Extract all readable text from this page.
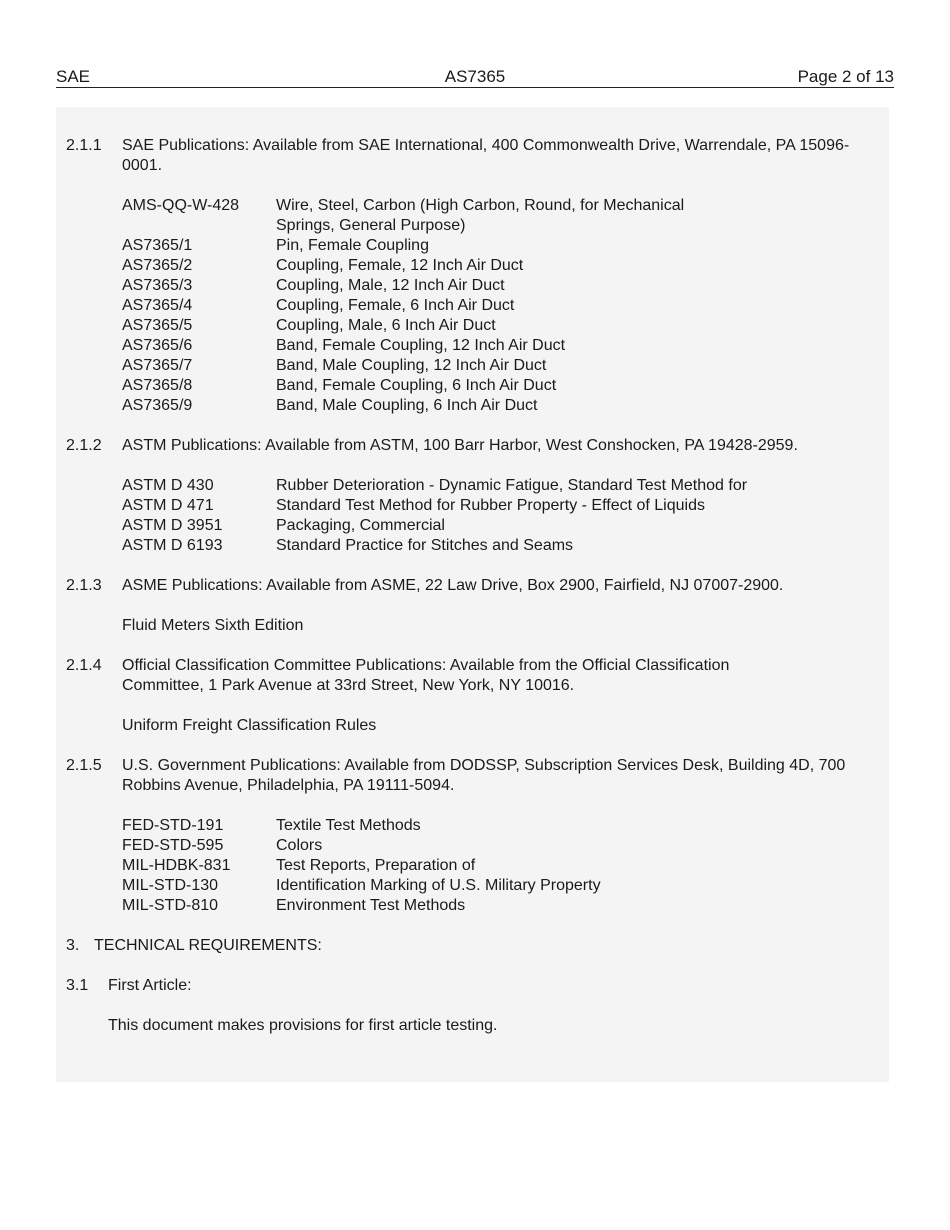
SAE	AS7365	Page 2 of 13
2.1.1	SAE Publications: Available from SAE International, 400 Commonwealth Drive, Warrendale, PA 15096-0001.
AMS-QQ-W-428	Wire, Steel, Carbon (High Carbon, Round, for Mechanical Springs, General Purpose)
AS7365/1	Pin, Female Coupling
AS7365/2	Coupling, Female, 12 Inch Air Duct
AS7365/3	Coupling, Male, 12 Inch Air Duct
AS7365/4	Coupling, Female, 6 Inch Air Duct
AS7365/5	Coupling, Male, 6 Inch Air Duct
AS7365/6	Band, Female Coupling, 12 Inch Air Duct
AS7365/7	Band, Male Coupling, 12 Inch Air Duct
AS7365/8	Band, Female Coupling, 6 Inch Air Duct
AS7365/9	Band, Male Coupling, 6 Inch Air Duct
2.1.2	ASTM Publications: Available from ASTM, 100 Barr Harbor, West Conshocken, PA 19428-2959.
ASTM D 430	Rubber Deterioration - Dynamic Fatigue, Standard Test Method for
ASTM D 471	Standard Test Method for Rubber Property - Effect of Liquids
ASTM D 3951	Packaging, Commercial
ASTM D 6193	Standard Practice for Stitches and Seams
2.1.3	ASME Publications: Available from ASME, 22 Law Drive, Box 2900, Fairfield, NJ 07007-2900.
Fluid Meters Sixth Edition
2.1.4	Official Classification Committee Publications: Available from the Official Classification Committee, 1 Park Avenue at 33rd Street, New York, NY 10016.
Uniform Freight Classification Rules
2.1.5	U.S. Government Publications: Available from DODSSP, Subscription Services Desk, Building 4D, 700 Robbins Avenue, Philadelphia, PA 19111-5094.
FED-STD-191	Textile Test Methods
FED-STD-595	Colors
MIL-HDBK-831	Test Reports, Preparation of
MIL-STD-130	Identification Marking of U.S. Military Property
MIL-STD-810	Environment Test Methods
3. TECHNICAL REQUIREMENTS:
3.1	First Article:
This document makes provisions for first article testing.
